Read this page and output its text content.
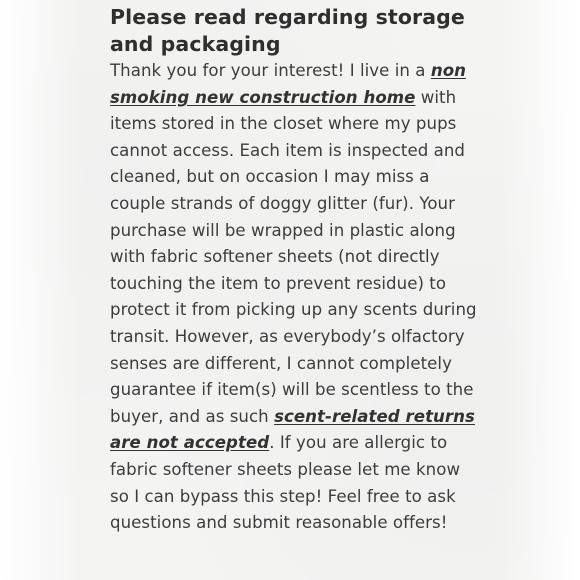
Please read regarding storage and packaging

Thank you for your interest! I live in a non smoking new construction home with items stored in the closet where my pups cannot access. Each item is inspected and cleaned, but on occasion I may miss a couple strands of doggy glitter (fur). Your purchase will be wrapped in plastic along with fabric softener sheets (not directly touching the item to prevent residue) to protect it from picking up any scents during transit. However, as everybody’s olfactory senses are different, I cannot completely guarantee if item(s) will be scentless to the buyer, and as such scent-related returns are not accepted. If you are allergic to fabric softener sheets please let me know so I can bypass this step! Feel free to ask questions and submit reasonable offers!
